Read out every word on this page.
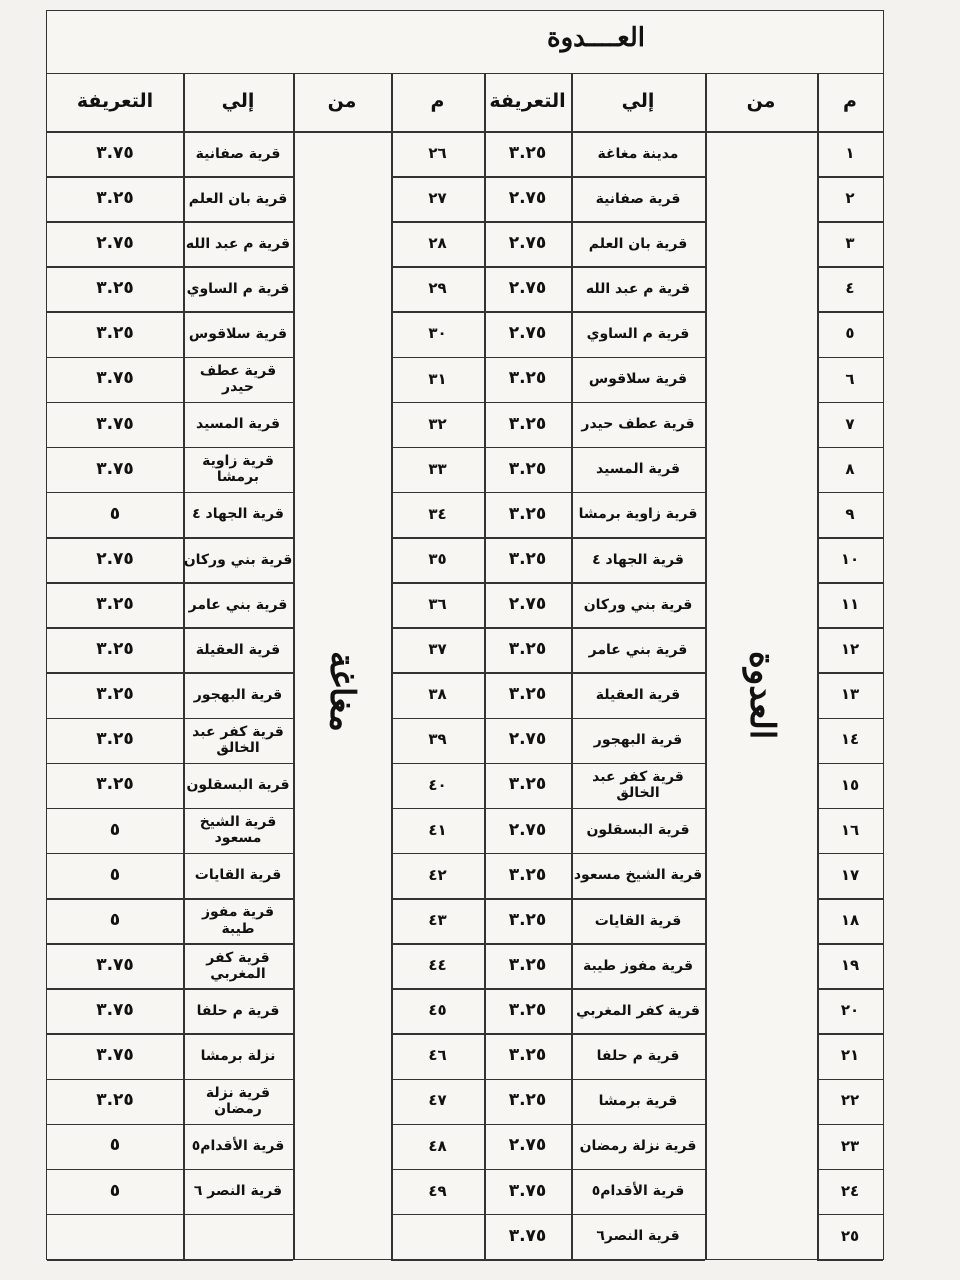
العــــدوة
التعريفة	إلي	من	م	التعريفة	إلي	من	م
٣.٧٥	قرية صفانية	٢٦
٣.٢٥	قرية بان العلم	٢٧
٢.٧٥	قرية م عبد الله	٢٨
٣.٢٥	قرية م الساوي	٢٩
٣.٢٥	قرية سلاقوس	٣٠
٣.٧٥	قرية عطف حيدر	٣١
٣.٧٥	قرية المسيد	٣٢
٣.٧٥	قرية زاوية برمشا	٣٣
٥	قرية الجهاد ٤	٣٤
٢.٧٥	قرية بني وركان	٣٥
٣.٢٥	قرية بني عامر	٣٦
٣.٢٥	قرية العقيلة	٣٧
٣.٢٥	قرية البهجور	٣٨
٣.٢٥	قرية كفر عبد الخالق	٣٩
٣.٢٥	قرية البسقلون	٤٠
٥	قرية الشيخ مسعود	٤١
٥	قرية القايات	٤٢
٥	قرية مفوز طيبة	٤٣
٣.٧٥	قرية كفر المغربي	٤٤
٣.٧٥	قرية م حلفا	٤٥
٣.٧٥	نزلة برمشا	٤٦
٣.٢٥	قرية نزلة رمضان	٤٧
٥	قرية الأقدام٥	٤٨
٥	قرية النصر ٦	٤٩
٣.٢٥	مدينة مغاغة	١
٢.٧٥	قرية صفانية	٢
٢.٧٥	قرية بان العلم	٣
٢.٧٥	قرية م عبد الله	٤
٢.٧٥	قرية م الساوي	٥
٣.٢٥	قرية سلاقوس	٦
٣.٢٥	قرية عطف حيدر	٧
٣.٢٥	قرية المسيد	٨
٣.٢٥	قرية زاوية برمشا	٩
٣.٢٥	قرية الجهاد ٤	١٠
٢.٧٥	قرية بني وركان	١١
٣.٢٥	قرية بني عامر	١٢
٣.٢٥	قرية العقيلة	١٣
٢.٧٥	قرية البهجور	١٤
٣.٢٥	قرية كفر عبد الخالق	١٥
٢.٧٥	قرية البسقلون	١٦
٣.٢٥	قرية الشيخ مسعود	١٧
٣.٢٥	قرية القايات	١٨
٣.٢٥	قرية مفوز طيبة	١٩
٣.٢٥	قرية كفر المغربي	٢٠
٣.٢٥	قرية م حلفا	٢١
٣.٢٥	قرية برمشا	٢٢
٢.٧٥	قرية نزلة رمضان	٢٣
٣.٧٥	قرية الأقدام٥	٢٤
٣.٧٥	قرية النصر٦	٢٥
مغاغة	العدوة
